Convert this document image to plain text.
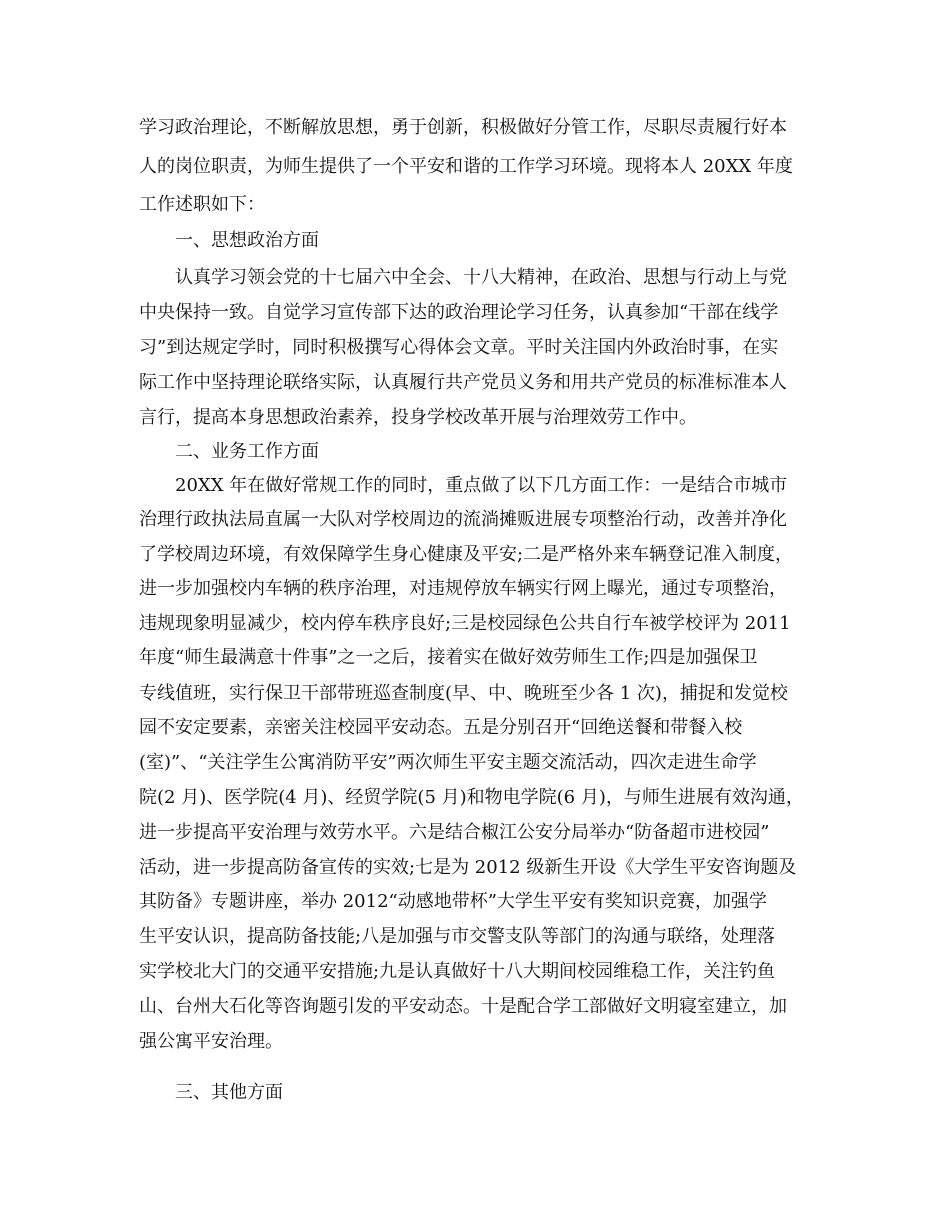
学习政治理论，不断解放思想，勇于创新，积极做好分管工作，尽职尽责履行好本
人的岗位职责，为师生提供了一个平安和谐的工作学习环境。现将本人 20XX 年度
工作述职如下：
一、思想政治方面
认真学习领会党的十七届六中全会、十八大精神，在政治、思想与行动上与党
中央保持一致。自觉学习宣传部下达的政治理论学习任务，认真参加“干部在线学
习”到达规定学时，同时积极撰写心得体会文章。平时关注国内外政治时事，在实
际工作中坚持理论联络实际，认真履行共产党员义务和用共产党员的标准标准本人
言行，提高本身思想政治素养，投身学校改革开展与治理效劳工作中。
二、业务工作方面
20XX 年在做好常规工作的同时，重点做了以下几方面工作：一是结合市城市
治理行政执法局直属一大队对学校周边的流淌摊贩进展专项整治行动，改善并净化
了学校周边环境，有效保障学生身心健康及平安;二是严格外来车辆登记准入制度，
进一步加强校内车辆的秩序治理，对违规停放车辆实行网上曝光，通过专项整治，
违规现象明显减少，校内停车秩序良好;三是校园绿色公共自行车被学校评为 2011
年度“师生最满意十件事”之一之后，接着实在做好效劳师生工作;四是加强保卫
专线值班，实行保卫干部带班巡查制度(早、中、晚班至少各 1 次)，捕捉和发觉校
园不安定要素，亲密关注校园平安动态。五是分别召开“回绝送餐和带餐入校
(室)”、“关注学生公寓消防平安”两次师生平安主题交流活动，四次走进生命学
院(2 月)、医学院(4 月)、经贸学院(5 月)和物电学院(6 月)，与师生进展有效沟通，
进一步提高平安治理与效劳水平。六是结合椒江公安分局举办“防备超市进校园”
活动，进一步提高防备宣传的实效;七是为 2012 级新生开设《大学生平安咨询题及
其防备》专题讲座，举办 2012“动感地带杯”大学生平安有奖知识竞赛，加强学
生平安认识，提高防备技能;八是加强与市交警支队等部门的沟通与联络，处理落
实学校北大门的交通平安措施;九是认真做好十八大期间校园维稳工作，关注钓鱼
山、台州大石化等咨询题引发的平安动态。十是配合学工部做好文明寝室建立，加
强公寓平安治理。
三、其他方面
